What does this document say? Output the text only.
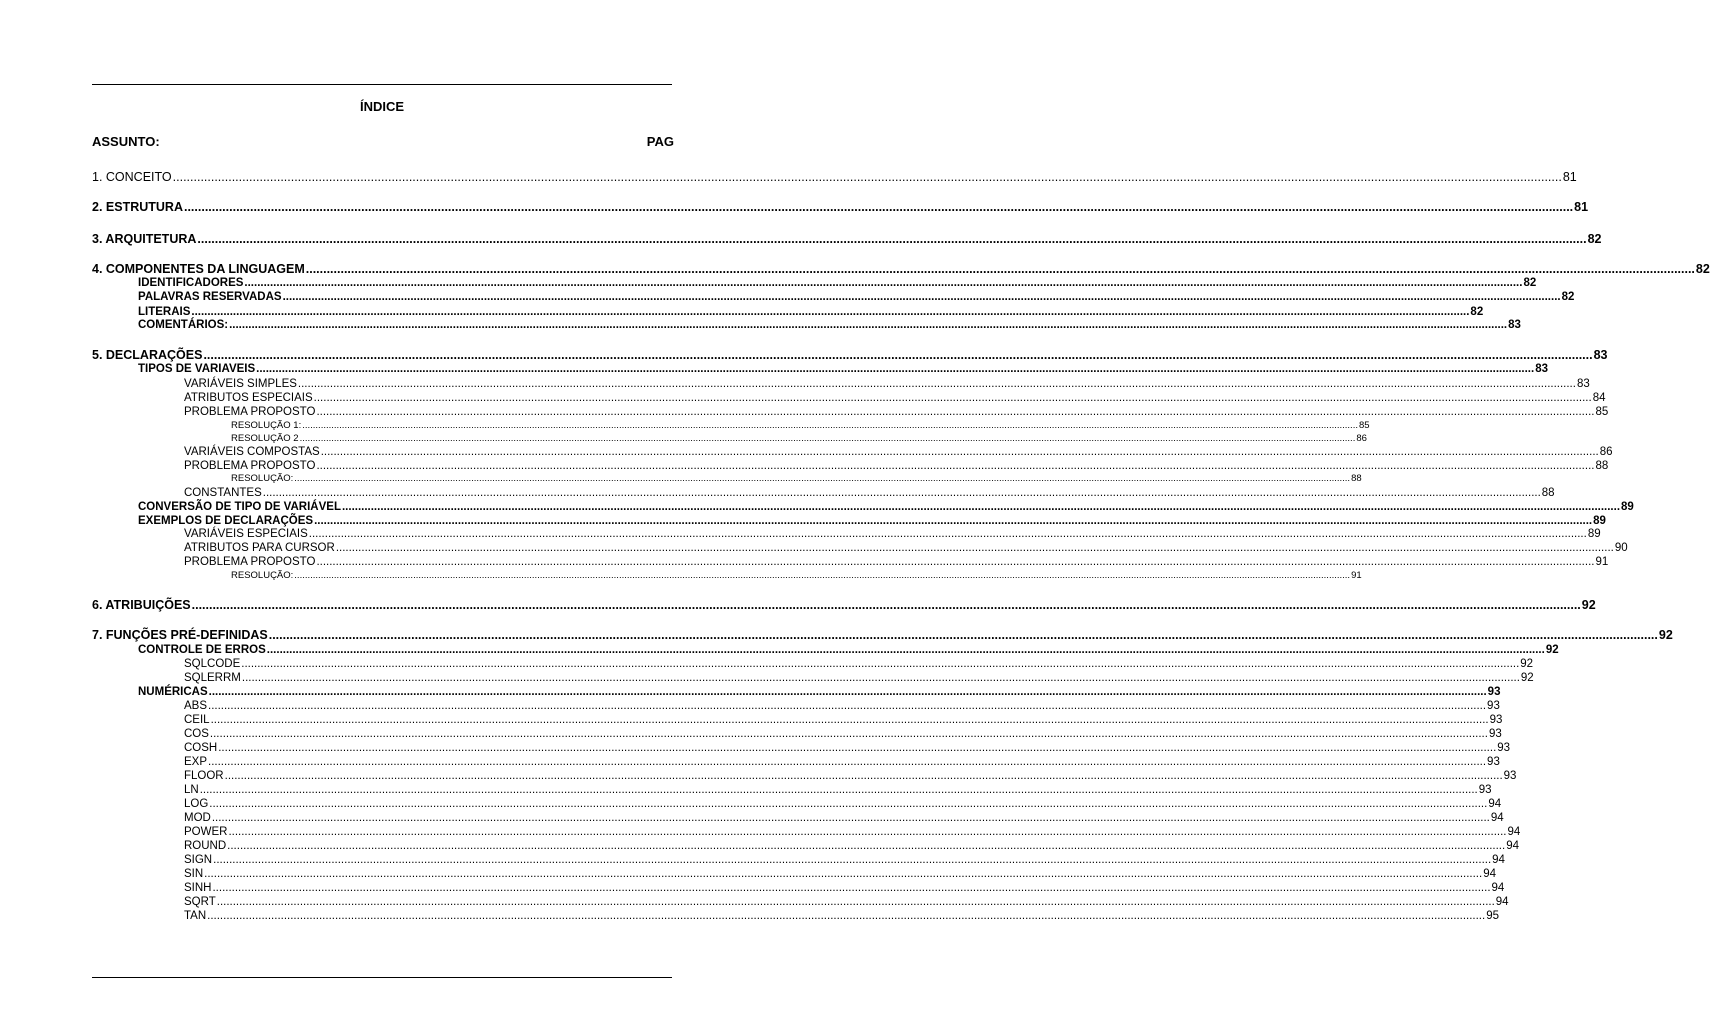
ÍNDICE
ASSUNTO:	PAG
1. CONCEITO ................................................................................................................................................................................................................................................................................................................................................................................................................ 81
2. ESTRUTURA ................................................................................................................................................................................................................................................................................................................................................................................................................ 81
3. ARQUITETURA ................................................................................................................................................................................................................................................................................................................................................................................................................ 82
4. COMPONENTES DA LINGUAGEM ................................................................................................................................................................................................................................................................................................................................................................................................................ 82
IDENTIFICADORES ................................................................................................................................................................................................................................................................................................................................................................................................................ 82
PALAVRAS RESERVADAS ................................................................................................................................................................................................................................................................................................................................................................................................................ 82
LITERAIS ................................................................................................................................................................................................................................................................................................................................................................................................................ 82
COMENTÁRIOS: ................................................................................................................................................................................................................................................................................................................................................................................................................ 83
5. DECLARAÇÕES ................................................................................................................................................................................................................................................................................................................................................................................................................ 83
TIPOS DE VARIAVEIS ................................................................................................................................................................................................................................................................................................................................................................................................................ 83
VARIÁVEIS SIMPLES ................................................................................................................................................................................................................................................................................................................................................................................................................ 83
ATRIBUTOS ESPECIAIS ................................................................................................................................................................................................................................................................................................................................................................................................................ 84
PROBLEMA PROPOSTO ................................................................................................................................................................................................................................................................................................................................................................................................................ 85
RESOLUÇÃO 1: ................................................................................................................................................................................................................................................................................................................................................................................................................ 85
RESOLUÇÃO 2 ................................................................................................................................................................................................................................................................................................................................................................................................................ 86
VARIÁVEIS COMPOSTAS ................................................................................................................................................................................................................................................................................................................................................................................................................ 86
PROBLEMA PROPOSTO ................................................................................................................................................................................................................................................................................................................................................................................................................ 88
RESOLUÇÃO: ................................................................................................................................................................................................................................................................................................................................................................................................................ 88
CONSTANTES ................................................................................................................................................................................................................................................................................................................................................................................................................ 88
CONVERSÃO DE TIPO DE VARIÁVEL ................................................................................................................................................................................................................................................................................................................................................................................................................ 89
EXEMPLOS DE DECLARAÇÕES ................................................................................................................................................................................................................................................................................................................................................................................................................ 89
VARIÁVEIS ESPECIAIS ................................................................................................................................................................................................................................................................................................................................................................................................................ 89
ATRIBUTOS PARA CURSOR ................................................................................................................................................................................................................................................................................................................................................................................................................ 90
PROBLEMA PROPOSTO ................................................................................................................................................................................................................................................................................................................................................................................................................ 91
RESOLUÇÃO: ................................................................................................................................................................................................................................................................................................................................................................................................................ 91
6. ATRIBUIÇÕES ................................................................................................................................................................................................................................................................................................................................................................................................................ 92
7. FUNÇÕES PRÉ-DEFINIDAS ................................................................................................................................................................................................................................................................................................................................................................................................................ 92
CONTROLE DE ERROS ................................................................................................................................................................................................................................................................................................................................................................................................................ 92
SQLCODE ................................................................................................................................................................................................................................................................................................................................................................................................................ 92
SQLERRM ................................................................................................................................................................................................................................................................................................................................................................................................................ 92
NUMÉRICAS ................................................................................................................................................................................................................................................................................................................................................................................................................ 93
ABS ................................................................................................................................................................................................................................................................................................................................................................................................................ 93
CEIL ................................................................................................................................................................................................................................................................................................................................................................................................................ 93
COS ................................................................................................................................................................................................................................................................................................................................................................................................................ 93
COSH ................................................................................................................................................................................................................................................................................................................................................................................................................ 93
EXP ................................................................................................................................................................................................................................................................................................................................................................................................................ 93
FLOOR ................................................................................................................................................................................................................................................................................................................................................................................................................ 93
LN ................................................................................................................................................................................................................................................................................................................................................................................................................ 93
LOG ................................................................................................................................................................................................................................................................................................................................................................................................................ 94
MOD ................................................................................................................................................................................................................................................................................................................................................................................................................ 94
POWER ................................................................................................................................................................................................................................................................................................................................................................................................................ 94
ROUND ................................................................................................................................................................................................................................................................................................................................................................................................................ 94
SIGN ................................................................................................................................................................................................................................................................................................................................................................................................................ 94
SIN ................................................................................................................................................................................................................................................................................................................................................................................................................ 94
SINH ................................................................................................................................................................................................................................................................................................................................................................................................................ 94
SQRT ................................................................................................................................................................................................................................................................................................................................................................................................................ 94
TAN ................................................................................................................................................................................................................................................................................................................................................................................................................ 95
